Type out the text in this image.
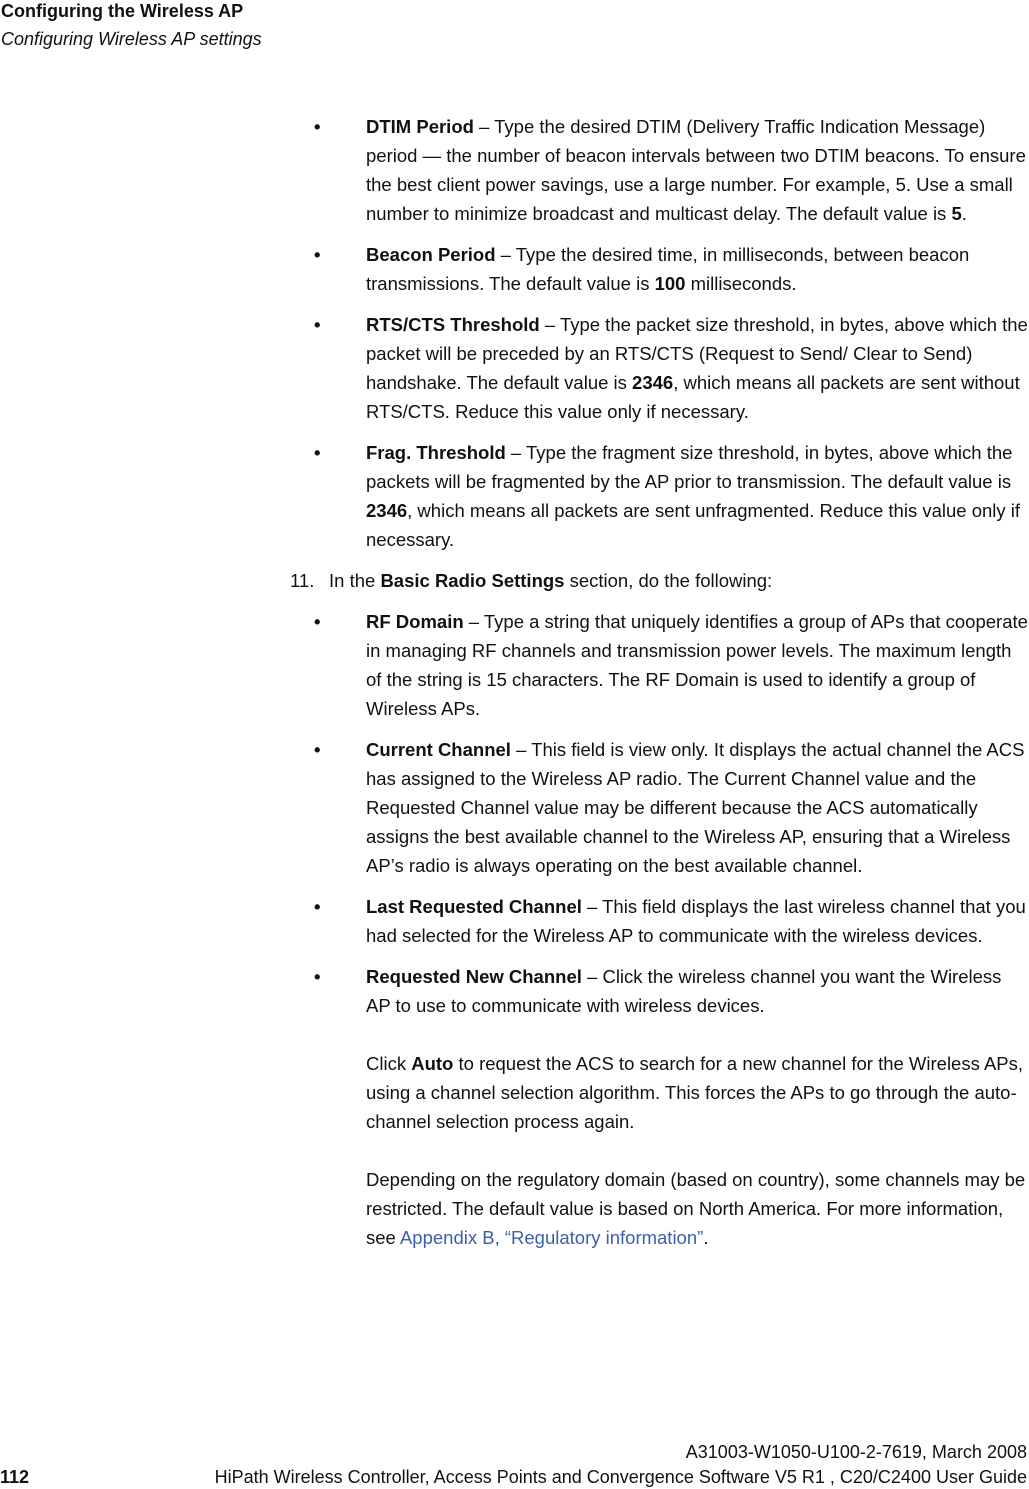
Configuring the Wireless AP
Configuring Wireless AP settings
• DTIM Period – Type the desired DTIM (Delivery Traffic Indication Message) period — the number of beacon intervals between two DTIM beacons. To ensure the best client power savings, use a large number. For example, 5. Use a small number to minimize broadcast and multicast delay. The default value is 5.

• Beacon Period – Type the desired time, in milliseconds, between beacon transmissions. The default value is 100 milliseconds.

• RTS/CTS Threshold – Type the packet size threshold, in bytes, above which the packet will be preceded by an RTS/CTS (Request to Send/ Clear to Send) handshake. The default value is 2346, which means all packets are sent without RTS/CTS. Reduce this value only if necessary.

• Frag. Threshold – Type the fragment size threshold, in bytes, above which the packets will be fragmented by the AP prior to transmission. The default value is 2346, which means all packets are sent unfragmented. Reduce this value only if necessary.

11. In the Basic Radio Settings section, do the following:

• RF Domain – Type a string that uniquely identifies a group of APs that cooperate in managing RF channels and transmission power levels. The maximum length of the string is 15 characters. The RF Domain is used to identify a group of Wireless APs.

• Current Channel – This field is view only. It displays the actual channel the ACS has assigned to the Wireless AP radio. The Current Channel value and the Requested Channel value may be different because the ACS automatically assigns the best available channel to the Wireless AP, ensuring that a Wireless AP’s radio is always operating on the best available channel.

• Last Requested Channel – This field displays the last wireless channel that you had selected for the Wireless AP to communicate with the wireless devices.

• Requested New Channel – Click the wireless channel you want the Wireless AP to use to communicate with wireless devices.

Click Auto to request the ACS to search for a new channel for the Wireless APs, using a channel selection algorithm. This forces the APs to go through the auto-channel selection process again.

Depending on the regulatory domain (based on country), some channels may be restricted. The default value is based on North America. For more information, see Appendix B, “Regulatory information”.

A31003-W1050-U100-2-7619, March 2008
112	HiPath Wireless Controller, Access Points and Convergence Software V5 R1 , C20/C2400 User Guide
